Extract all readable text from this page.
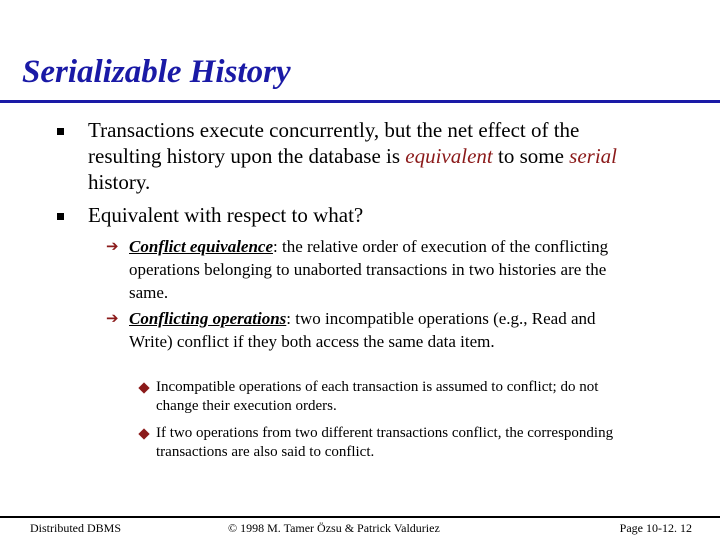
Serializable History
Transactions execute concurrently, but the net effect of the resulting history upon the database is equivalent to some serial history.
Equivalent with respect to what?
➔ Conflict equivalence: the relative order of execution of the conflicting operations belonging to unaborted transactions in two histories are the same.
➔ Conflicting operations: two incompatible operations (e.g., Read and Write) conflict if they both access the same data item.
Incompatible operations of each transaction is assumed to conflict; do not change their execution orders.
If two operations from two different transactions conflict, the corresponding transactions are also said to conflict.
Distributed DBMS	© 1998 M. Tamer Özsu & Patrick Valduriez	Page 10-12. 12
